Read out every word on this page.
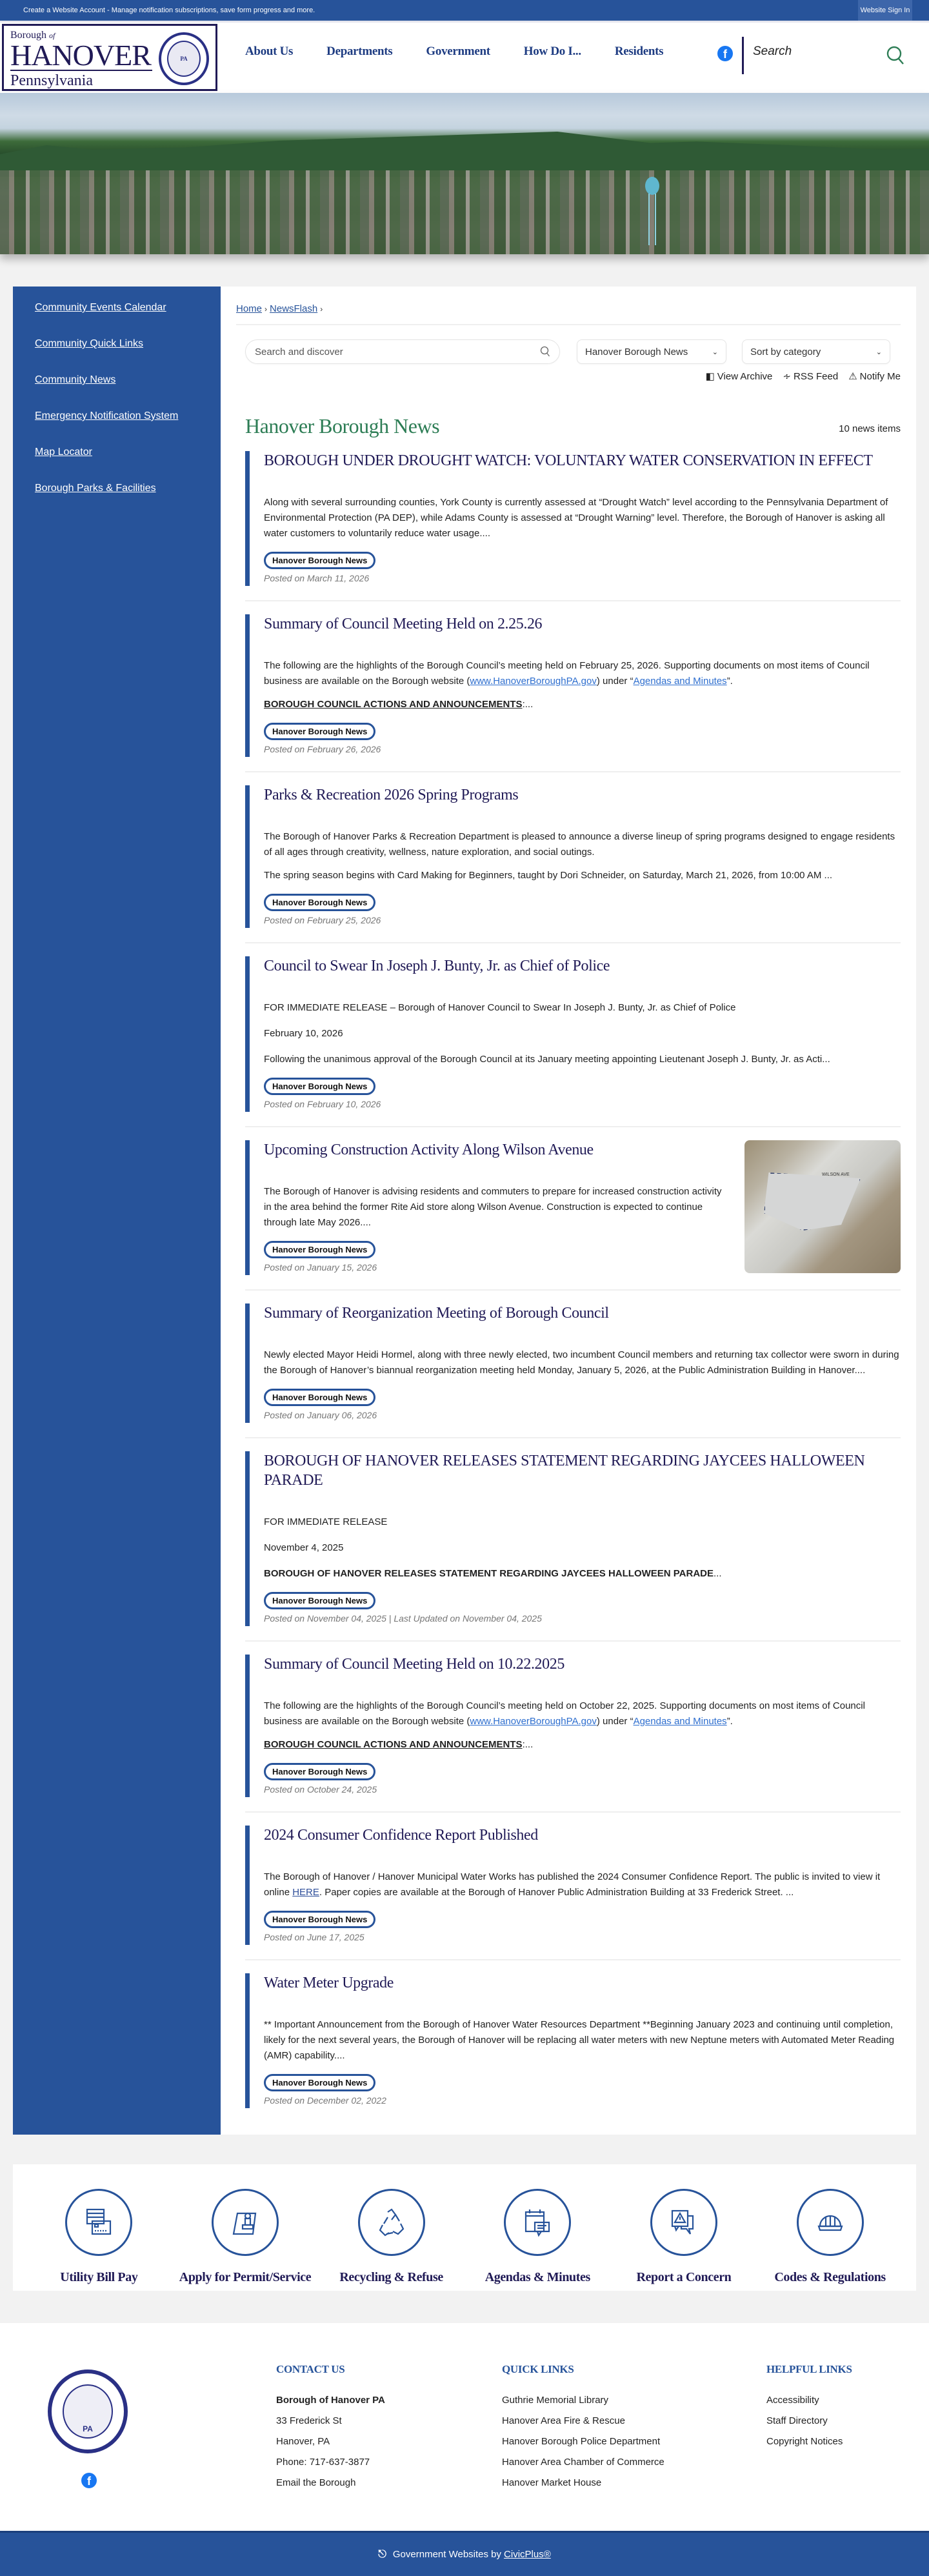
Create a Website Account - Manage notification subscriptions, save form progress and more.	Website Sign In
Borough of
HANOVER
Pennsylvania
PA
About Us	Departments	Government	How Do I...	Residents	f
Search
Community Events Calendar
Community Quick Links
Community News
Emergency Notification System
Map Locator
Borough Parks & Facilities
Home › NewsFlash ›
Search and discover	Hanover Borough News	⌄	Sort by category	⌄
◧ View Archive ∻ RSS Feed ⚠ Notify Me
Hanover Borough News	10 news items
BOROUGH UNDER DROUGHT WATCH: VOLUNTARY WATER CONSERVATION IN EFFECT

Along with several surrounding counties, York County is currently assessed at “Drought Watch” level according to the Pennsylvania Department of Environmental Protection (PA DEP), while Adams County is assessed at “Drought Warning” level. Therefore, the Borough of Hanover is asking all water customers to voluntarily reduce water usage....

Hanover Borough News
Posted on March 11, 2026
Summary of Council Meeting Held on 2.25.26

The following are the highlights of the Borough Council’s meeting held on February 25, 2026. Supporting documents on most items of Council business are available on the Borough website (www.HanoverBoroughPA.gov) under “Agendas and Minutes”.

BOROUGH COUNCIL ACTIONS AND ANNOUNCEMENTS:...

Hanover Borough News
Posted on February 26, 2026
Parks & Recreation 2026 Spring Programs

The Borough of Hanover Parks & Recreation Department is pleased to announce a diverse lineup of spring programs designed to engage residents of all ages through creativity, wellness, nature exploration, and social outings.

The spring season begins with Card Making for Beginners, taught by Dori Schneider, on Saturday, March 21, 2026, from 10:00 AM ...

Hanover Borough News
Posted on February 25, 2026
Council to Swear In Joseph J. Bunty, Jr. as Chief of Police

FOR IMMEDIATE RELEASE – Borough of Hanover Council to Swear In Joseph J. Bunty, Jr. as Chief of Police

February 10, 2026

Following the unanimous approval of the Borough Council at its January meeting appointing Lieutenant Joseph J. Bunty, Jr. as Acti...

Hanover Borough News
Posted on February 10, 2026
Upcoming Construction Activity Along Wilson Avenue

The Borough of Hanover is advising residents and commuters to prepare for increased construction activity in the area behind the former Rite Aid store along Wilson Avenue. Construction is expected to continue through late May 2026....

Hanover Borough News
Posted on January 15, 2026
WILSON AVE
Summary of Reorganization Meeting of Borough Council

Newly elected Mayor Heidi Hormel, along with three newly elected, two incumbent Council members and returning tax collector were sworn in during the Borough of Hanover’s biannual reorganization meeting held Monday, January 5, 2026, at the Public Administration Building in Hanover....

Hanover Borough News
Posted on January 06, 2026
BOROUGH OF HANOVER RELEASES STATEMENT REGARDING JAYCEES HALLOWEEN PARADE

FOR IMMEDIATE RELEASE

November 4, 2025

BOROUGH OF HANOVER RELEASES STATEMENT REGARDING JAYCEES HALLOWEEN PARADE...

Hanover Borough News
Posted on November 04, 2025 | Last Updated on November 04, 2025
Summary of Council Meeting Held on 10.22.2025

The following are the highlights of the Borough Council’s meeting held on October 22, 2025. Supporting documents on most items of Council business are available on the Borough website (www.HanoverBoroughPA.gov) under “Agendas and Minutes”.

BOROUGH COUNCIL ACTIONS AND ANNOUNCEMENTS:...

Hanover Borough News
Posted on October 24, 2025
2024 Consumer Confidence Report Published

The Borough of Hanover / Hanover Municipal Water Works has published the 2024 Consumer Confidence Report. The public is invited to view it online HERE. Paper copies are available at the Borough of Hanover Public Administration Building at 33 Frederick Street. ...

Hanover Borough News
Posted on June 17, 2025
Water Meter Upgrade

** Important Announcement from the Borough of Hanover Water Resources Department **Beginning January 2023 and continuing until completion, likely for the next several years, the Borough of Hanover will be replacing all water meters with new Neptune meters with Automated Meter Reading (AMR) capability....

Hanover Borough News
Posted on December 02, 2022
Utility Bill Pay	Apply for Permit/Service Recycling & Refuse	Agendas & Minutes	Report a Concern	Codes & Regulations
PA
f
CONTACT US
Borough of Hanover PA
33 Frederick St
Hanover, PA
Phone: 717-637-3877
Email the Borough
QUICK LINKS
Guthrie Memorial Library
Hanover Area Fire & Rescue
Hanover Borough Police Department
Hanover Area Chamber of Commerce
Hanover Market House
HELPFUL LINKS
Accessibility
Staff Directory
Copyright Notices
⎋ Government Websites by CivicPlus®
